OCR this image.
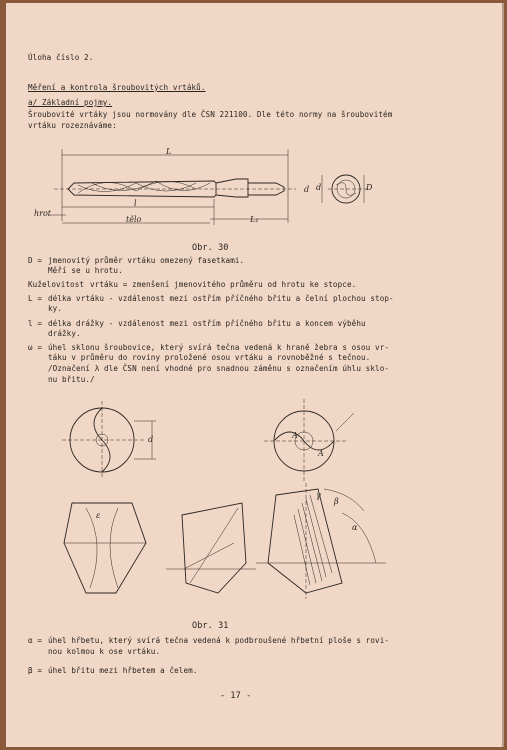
Úloha číslo 2.
Měření a kontrola šroubovitých vrtáků.
a/ Základní pojmy.
Šroubovité vrtáky jsou normovány dle ČSN 221100. Dle této normy na šroubovitém
vrtáku rozeznáváme:
L
l
tělo
hrot
L₁
d d	D
Obr. 30
D = jmenovitý průměr vrtáku omezený fasetkami.
Měří se u hrotu.
Kuželovitost vrtáku = zmenšení jmenovitého průměru od hrotu ke stopce.
L = délka vrtáku - vzdálenost mezi ostřím příčného břitu a čelní plochou stop-
ky.
l = délka drážky - vzdálenost mezi ostřím příčného břitu a koncem výběhu
drážky.
ω = úhel sklonu šroubovice, který svírá tečna vedená k hraně žebra s osou vr-
táku v průměru do roviny proložené osou vrtáku a rovnoběžné s tečnou.
/Označení λ dle ČSN není vhodné pro snadnou záměnu s označením úhlu sklo-
nu břitu./
d	A
A
ε
α
β
γ
Obr. 31
α = úhel hřbetu, který svírá tečna vedená k podbroušené hřbetní ploše s rovi-
nou kolmou k ose vrtáku.
β = úhel břitu mezi hřbetem a čelem.
- 17 -
